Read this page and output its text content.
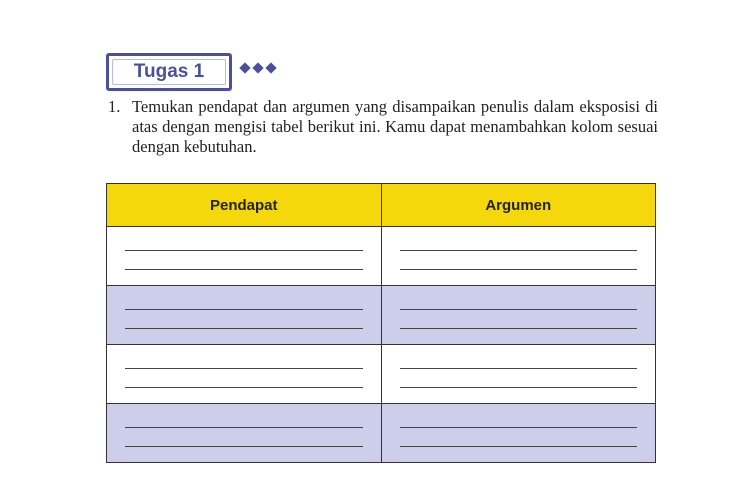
Tugas 1
1. Temukan pendapat dan argumen yang disampaikan penulis dalam eksposisi di atas dengan mengisi tabel berikut ini. Kamu dapat menambahkan kolom sesuai dengan kebutuhan.
Pendapat	Argumen
